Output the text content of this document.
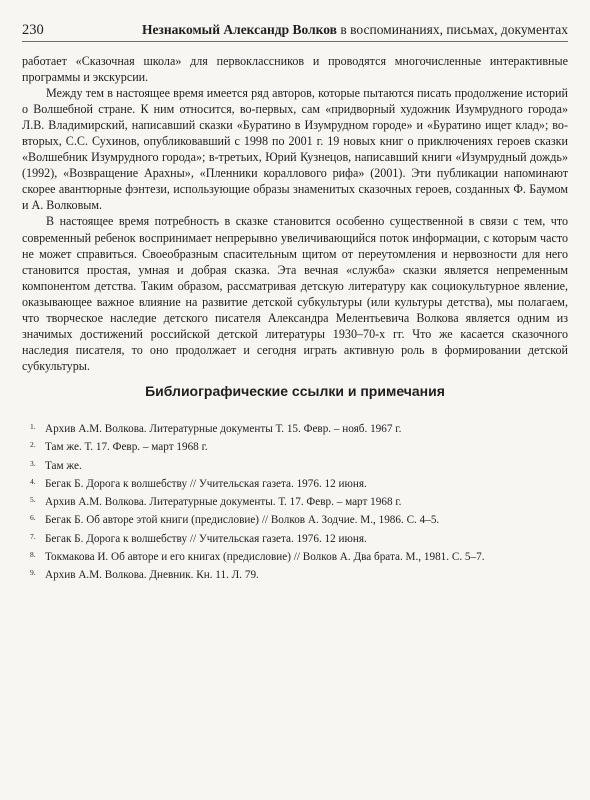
230	Незнакомый Александр Волков в воспоминаниях, письмах, документах

работает «Сказочная школа» для первоклассников и проводятся многочисленные интерактивные программы и экскурсии.

Между тем в настоящее время имеется ряд авторов, которые пытаются писать продолжение историй о Волшебной стране. К ним относится, во-первых, сам «придворный художник Изумрудного города» Л.В. Владимирский, написавший сказки «Буратино в Изумрудном городе» и «Буратино ищет клад»; во-вторых, С.С. Сухинов, опубликовавший с 1998 по 2001 г. 19 новых книг о приключениях героев сказки «Волшебник Изумрудного города»; в-третьих, Юрий Кузнецов, написавший книги «Изумрудный дождь» (1992), «Возвращение Арахны», «Пленники кораллового рифа» (2001). Эти публикации напоминают скорее авантюрные фэнтези, использующие образы знаменитых сказочных героев, созданных Ф. Баумом и А. Волковым.

В настоящее время потребность в сказке становится особенно существенной в связи с тем, что современный ребенок воспринимает непрерывно увеличивающийся поток информации, с которым часто не может справиться. Своеобразным спасительным щитом от переутомления и нервозности для него становится простая, умная и добрая сказка. Эта вечная «служба» сказки является непременным компонентом детства. Таким образом, рассматривая детскую литературу как социокультурное явление, оказывающее важное влияние на развитие детской субкультуры (или культуры детства), мы полагаем, что творческое наследие детского писателя Александра Мелентьевича Волкова является одним из значимых достижений российской детской литературы 1930–70-х гг. Что же касается сказочного наследия писателя, то оно продолжает и сегодня играть активную роль в формировании детской субкультуры.

Библиографические ссылки и примечания
1. Архив А.М. Волкова. Литературные документы Т. 15. Февр. – нояб. 1967 г.
2. Там же. Т. 17. Февр. – март 1968 г.
3. Там же.
4. Бегак Б. Дорога к волшебству // Учительская газета. 1976. 12 июня.
5. Архив А.М. Волкова. Литературные документы. Т. 17. Февр. – март 1968 г.
6. Бегак Б. Об авторе этой книги (предисловие) // Волков А. Зодчие. М., 1986. С. 4–5.
7. Бегак Б. Дорога к волшебству // Учительская газета. 1976. 12 июня.
8. Токмакова И. Об авторе и его книгах (предисловие) // Волков А. Два брата. М., 1981. С. 5–7.
9. Архив А.М. Волкова. Дневник. Кн. 11. Л. 79.
